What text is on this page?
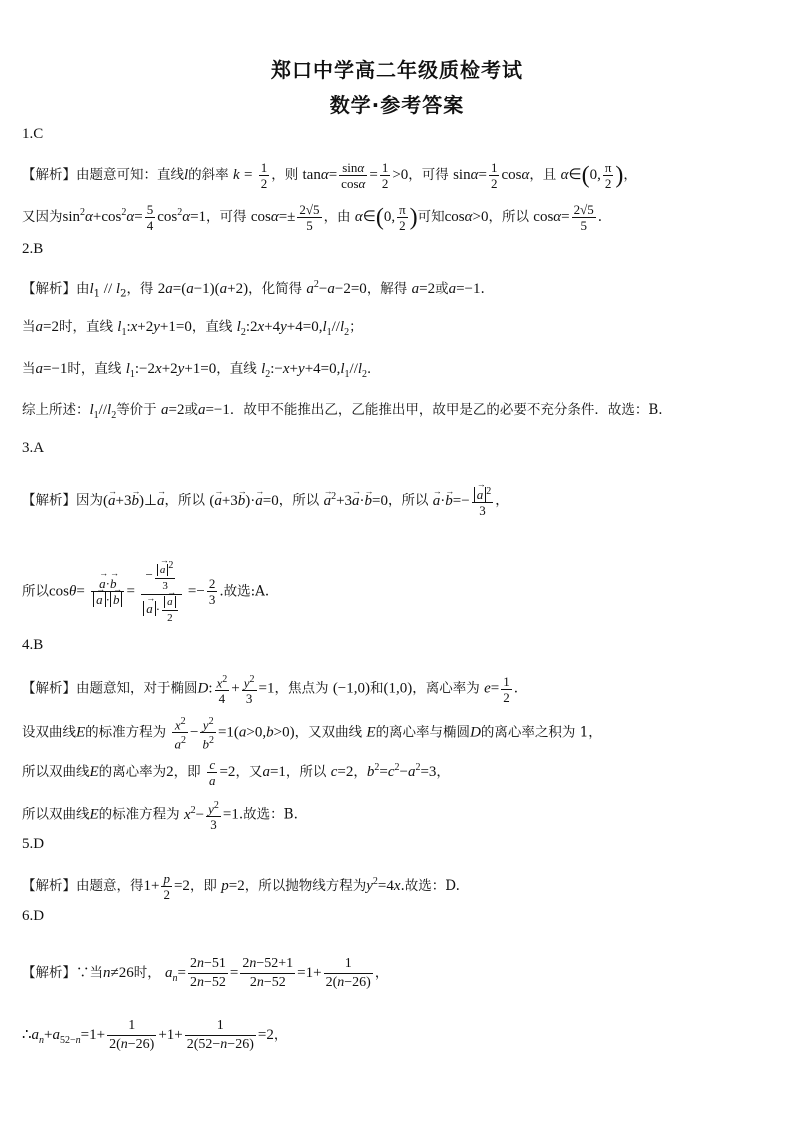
郑口中学高二年级质检考试
数学·参考答案
1.C
【解析】由题意可知：直线l的斜率 $k = \frac{1}{2}$ ，则 $\tan\alpha= \frac{\sin\alpha}{\cos\alpha} = \frac{1}{2} >0$，可得 $\sin\alpha= \frac{1}{2}$ cosα，且 α∈(0, $\frac{\pi}{2}$ )，
又因为$\sin^2\alpha+\cos^2\alpha= \frac{5}{4} \cos^2\alpha=1$，可得 $\cos\alpha=\pm \frac{2√5}{5}$ ，由 α∈(0, $\frac{\pi}{2}$ )可知cosα>0，所以 $\cos\alpha= \frac{2√5}{5}$ .
2.B
【解析】由$l_1 // l_2$，得 2a=(a−1)(a+2)，化简得 $a^2-a-2=0$，解得 a=2或a=−1.
当a=2时，直线 $l_1:x+2y+1=0$，直线 $l_2:2x+4y+4=0,l_1//l_2$；
当a=−1时，直线 $l_1:-2x+2y+1=0$，直线 $l_2:-x+y+4=0,l_1//l_2$．
综上所述：$l_1//l_2$等价于 a=2或a=−1．故甲不能推出乙，乙能推出甲，故甲是乙的必要不充分条件．故选：B.
3.A
【解析】因为(→ a+3→ b)⊥→ a，所以 (→ a+3→ b)·→ a=0，所以 → $a^2+3\to a\cdot\to b=0$，所以 → a·→ b=−
→ $\frac{a ^2}{3}$ ，
所以cosθ=
→ a·→ b
→ a ·→ b = −
→ $\frac{a ^2}{3}$
→ a ·
→ $\frac{a}{2} =- \frac{2}{3}$ .故选:A.
4.B
【解析】由题意知，对于椭圆D: $\frac{x^2}{4} + \frac{y^2}{3} =1$，焦点为 (−1,0)和(1,0)，离心率为 $e= \frac{1}{2}$ .
设双曲线E的标准方程为 $\frac{x^2}{a^2} - \frac{y^2}{b^2} =1(a>0,b>0)$，又双曲线 E的离心率与椭圆D的离心率之积为 1，
所以双曲线E的离心率为2，即 $\frac{c}{a} =2$，又a=1，所以 c=2，$b^2=c^2-a^2=3$，
所以双曲线E的标准方程为 $x^2- \frac{y^2}{3} =1$.故选：B.
5.D
【解析】由题意，得$1+ \frac{p}{2} =2$，即 p=2，所以抛物线方程为$y^2=4x$.故选：D.
6.D
【解析】∵当n≠26时， $a_n= \frac{2n-51}{2n-52} = \frac{2n-52+1}{2n-52} =1+ \frac{1}{2(n-26)}$ ，
$\therefore a_n+a_{52-n}=1+ \frac{1}{2(n-26)} +1+ \frac{1}{2(52-n-26)} =2$，
